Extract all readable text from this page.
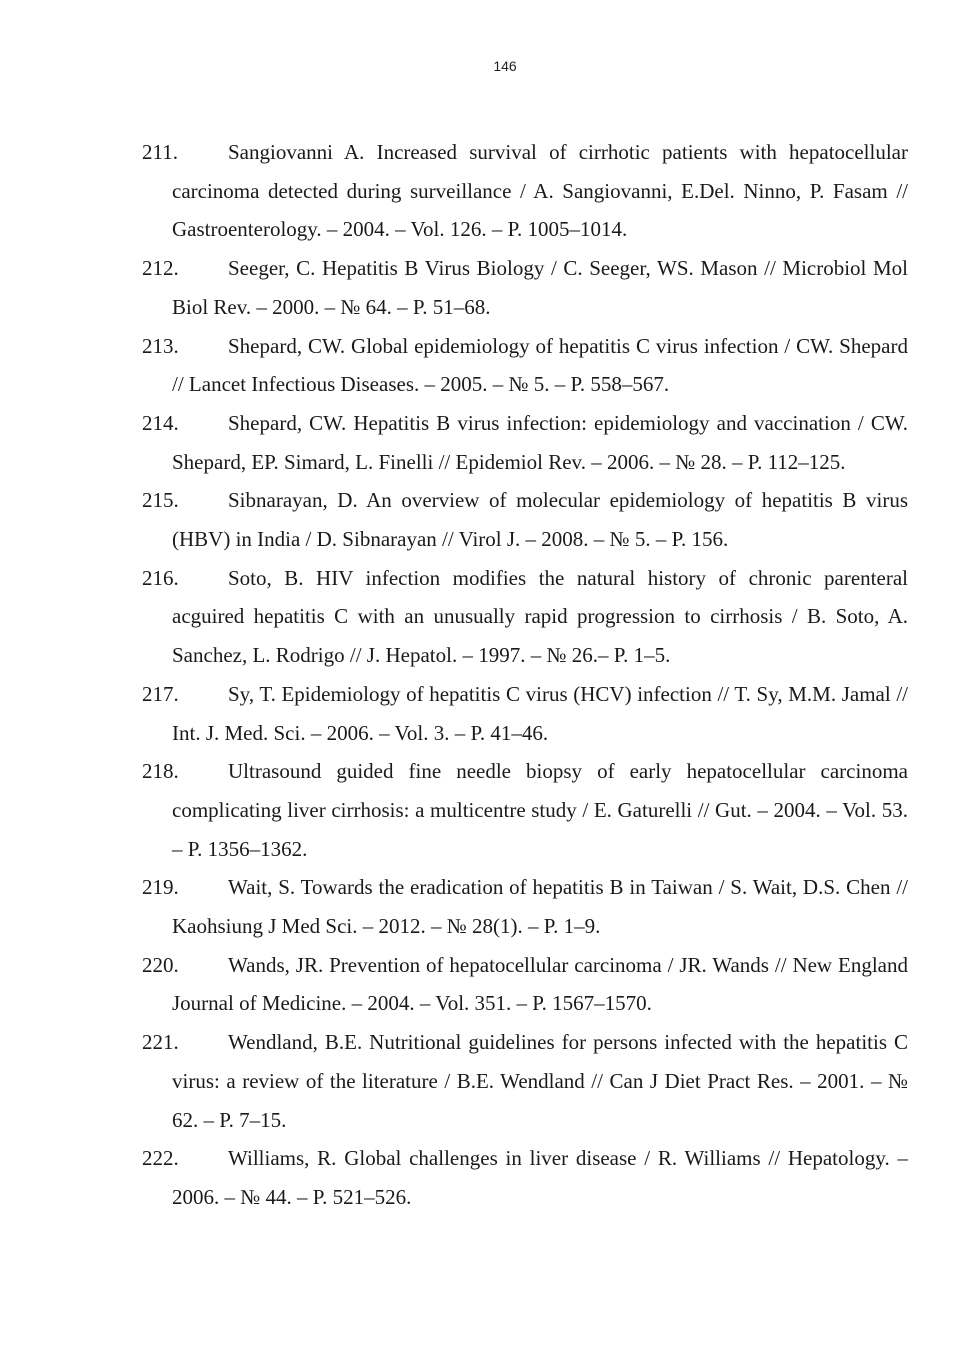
146
211. Sangiovanni A. Increased survival of cirrhotic patients with hepatocellular carcinoma detected during surveillance / A. Sangiovanni, E.Del. Ninno, P. Fasam // Gastroenterology. – 2004. – Vol. 126. – P. 1005–1014.
212. Seeger, C. Hepatitis B Virus Biology / C. Seeger, WS. Mason // Microbiol Mol Biol Rev. – 2000. – № 64. – P. 51–68.
213. Shepard, CW. Global epidemiology of hepatitis C virus infection / CW. Shepard // Lancet Infectious Diseases. – 2005. – № 5. – P. 558–567.
214. Shepard, CW. Hepatitis B virus infection: epidemiology and vaccination / CW. Shepard, EP. Simard, L. Finelli // Epidemiol Rev. – 2006. – № 28. – P. 112–125.
215. Sibnarayan, D. An overview of molecular epidemiology of hepatitis B virus (HBV) in India / D. Sibnarayan // Virol J. – 2008. – № 5. – P. 156.
216. Soto, B. HIV infection modifies the natural history of chronic parenteral acguired hepatitis C with an unusually rapid progression to cirrhosis / B. Soto, A. Sanchez, L. Rodrigo // J. Hepatol. – 1997. – № 26.– P. 1–5.
217. Sy, T. Epidemiology of hepatitis C virus (HCV) infection // T. Sy, M.M. Jamal // Int. J. Med. Sci. – 2006. – Vol. 3. – P. 41–46.
218. Ultrasound guided fine needle biopsy of early hepatocellular carcinoma complicating liver cirrhosis: a multicentre study / E. Gaturelli // Gut. – 2004. – Vol. 53. – P. 1356–1362.
219. Wait, S. Towards the eradication of hepatitis B in Taiwan / S. Wait, D.S. Chen // Kaohsiung J Med Sci. – 2012. – № 28(1). – P. 1–9.
220. Wands, JR. Prevention of hepatocellular carcinoma / JR. Wands // New England Journal of Medicine. – 2004. – Vol. 351. – P. 1567–1570.
221. Wendland, B.E. Nutritional guidelines for persons infected with the hepatitis C virus: a review of the literature / B.E. Wendland // Can J Diet Pract Res. – 2001. – № 62. – P. 7–15.
222. Williams, R. Global challenges in liver disease / R. Williams // Hepatology. – 2006. – № 44. – P. 521–526.
